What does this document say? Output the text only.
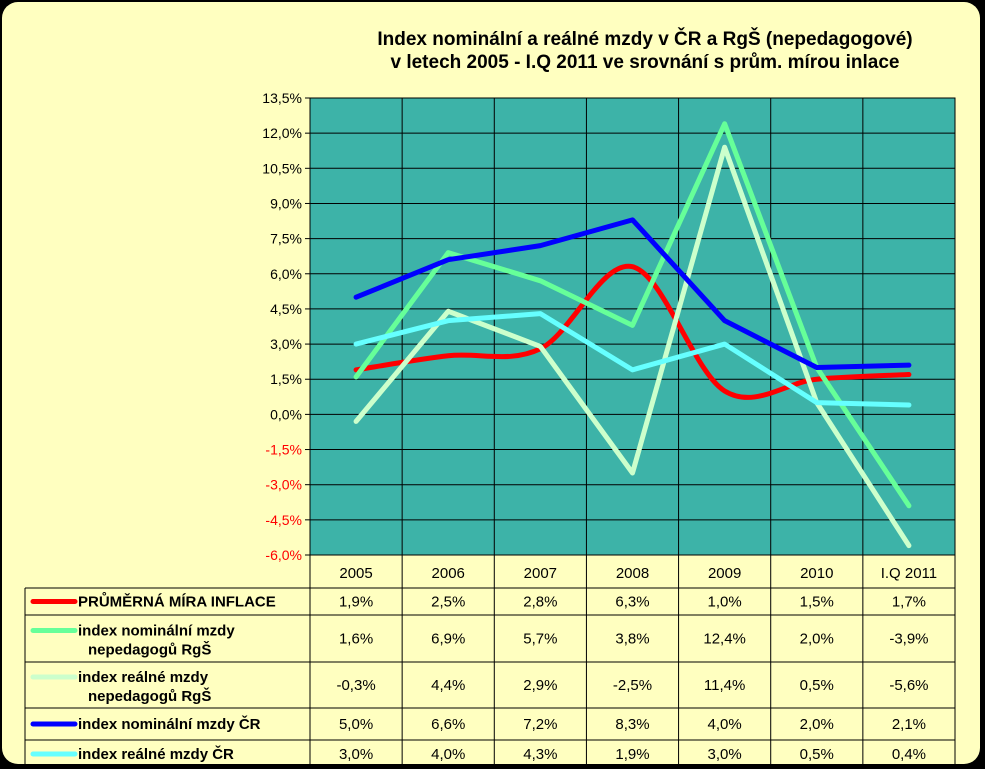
Index nominální a reálné mzdy v ČR a RgŠ (nepedagogové)
v letech 2005 - I.Q 2011 ve srovnání s prům. mírou inlace
13,5%
12,0%
10,5%
9,0%
7,5%
6,0%
4,5%
3,0%
1,5%
0,0%
-1,5%
-3,0%
-4,5%
-6,0%
2005	2006	2007	2008	2009	2010	I.Q 2011
PRŮMĚRNÁ MÍRA INFLACE	1,9%	2,5%	2,8%	6,3%	1,0%	1,5%	1,7%
index nominální mzdy
nepedagogů RgŠ
1,6%	6,9%	5,7%	3,8%	12,4%	2,0%	-3,9%
index reálné mzdy
nepedagogů RgŠ
-0,3%	4,4%	2,9%	-2,5%	11,4%	0,5%	-5,6%
index nominální mzdy ČR	5,0%	6,6%	7,2%	8,3%	4,0%	2,0%	2,1%
index reálné mzdy ČR	3,0%	4,0%	4,3%	1,9%	3,0%	0,5%	0,4%
